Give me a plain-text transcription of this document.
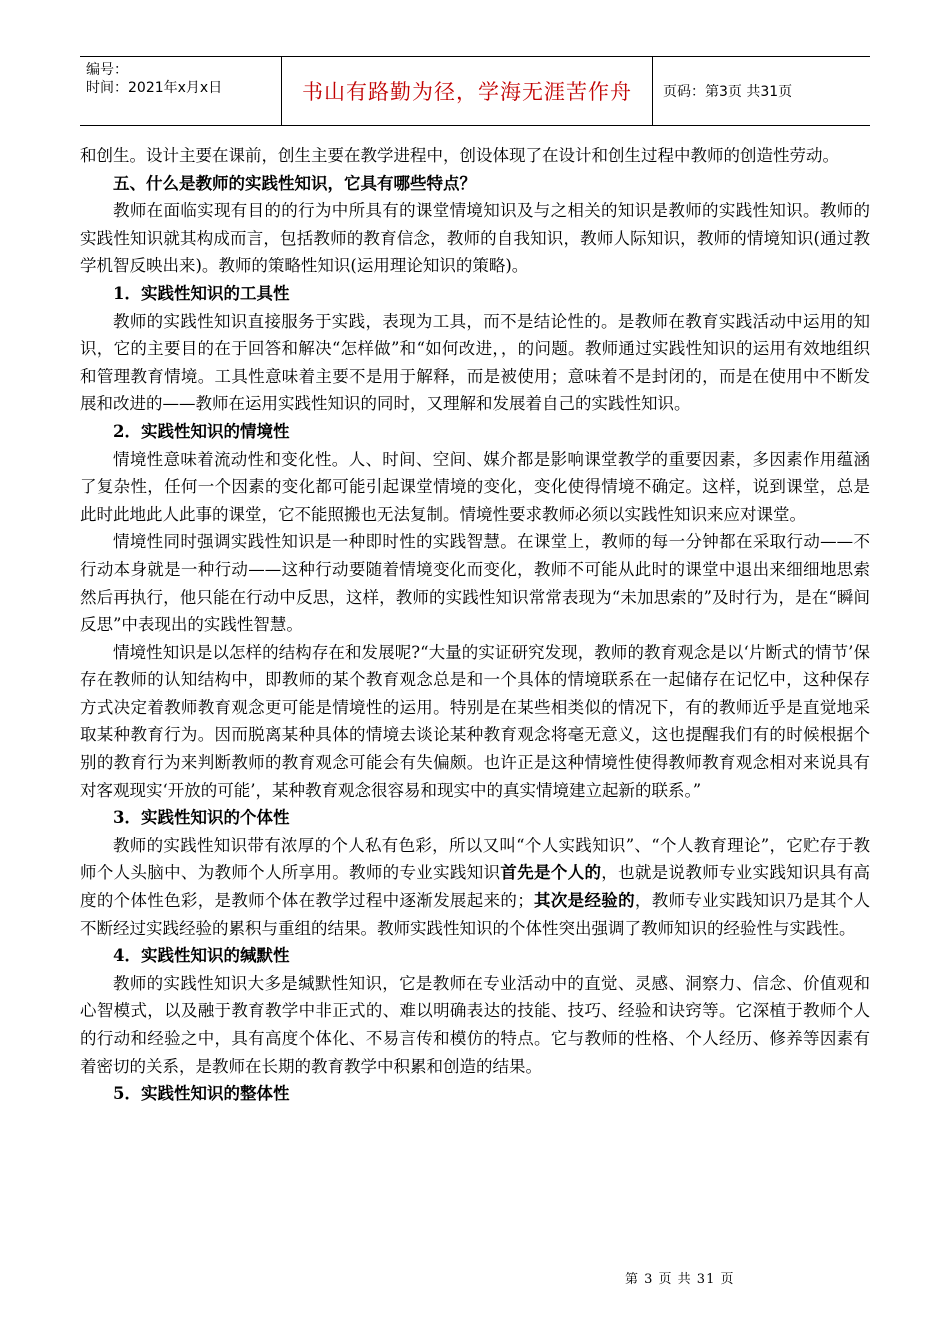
编号：
时间：2021年x月x日	书山有路勤为径，学海无涯苦作舟	页码：第3页 共31页

和创生。设计主要在课前，创生主要在教学进程中，创设体现了在设计和创生过程中教师的创造性劳动。

五、什么是教师的实践性知识，它具有哪些特点？

教师在面临实现有目的的行为中所具有的课堂情境知识及与之相关的知识是教师的实践性知识。教师的实践性知识就其构成而言，包括教师的教育信念，教师的自我知识，教师人际知识，教师的情境知识(通过教学机智反映出来)。教师的策略性知识(运用理论知识的策略)。

1．实践性知识的工具性

教师的实践性知识直接服务于实践，表现为工具，而不是结论性的。是教师在教育实践活动中运用的知识，它的主要目的在于回答和解决“怎样做”和“如何改进，，的问题。教师通过实践性知识的运用有效地组织和管理教育情境。工具性意味着主要不是用于解释，而是被使用；意味着不是封闭的，而是在使用中不断发展和改进的——教师在运用实践性知识的同时，又理解和发展着自己的实践性知识。

2．实践性知识的情境性

情境性意味着流动性和变化性。人、时间、空间、媒介都是影响课堂教学的重要因素，多因素作用蕴涵了复杂性，任何一个因素的变化都可能引起课堂情境的变化，变化使得情境不确定。这样，说到课堂，总是此时此地此人此事的课堂，它不能照搬也无法复制。情境性要求教师必须以实践性知识来应对课堂。

情境性同时强调实践性知识是一种即时性的实践智慧。在课堂上，教师的每一分钟都在采取行动——不行动本身就是一种行动——这种行动要随着情境变化而变化，教师不可能从此时的课堂中退出来细细地思索然后再执行，他只能在行动中反思，这样，教师的实践性知识常常表现为“未加思索的”及时行为，是在“瞬间反思”中表现出的实践性智慧。

情境性知识是以怎样的结构存在和发展呢?“大量的实证研究发现，教师的教育观念是以‘片断式的情节’保存在教师的认知结构中，即教师的某个教育观念总是和一个具体的情境联系在一起储存在记忆中，这种保存方式决定着教师教育观念更可能是情境性的运用。特别是在某些相类似的情况下，有的教师近乎是直觉地采取某种教育行为。因而脱离某种具体的情境去谈论某种教育观念将毫无意义，这也提醒我们有的时候根据个别的教育行为来判断教师的教育观念可能会有失偏颇。也许正是这种情境性使得教师教育观念相对来说具有对客观现实‘开放的可能’，某种教育观念很容易和现实中的真实情境建立起新的联系。”

3．实践性知识的个体性

教师的实践性知识带有浓厚的个人私有色彩，所以又叫“个人实践知识”、“个人教育理论”，它贮存于教师个人头脑中、为教师个人所享用。教师的专业实践知识首先是个人的，也就是说教师专业实践知识具有高度的个体性色彩，是教师个体在教学过程中逐渐发展起来的；其次是经验的，教师专业实践知识乃是其个人不断经过实践经验的累积与重组的结果。教师实践性知识的个体性突出强调了教师知识的经验性与实践性。

4．实践性知识的缄默性

教师的实践性知识大多是缄默性知识，它是教师在专业活动中的直觉、灵感、洞察力、信念、价值观和心智模式，以及融于教育教学中非正式的、难以明确表达的技能、技巧、经验和诀窍等。它深植于教师个人的行动和经验之中，具有高度个体化、不易言传和模仿的特点。它与教师的性格、个人经历、修养等因素有着密切的关系，是教师在长期的教育教学中积累和创造的结果。

5．实践性知识的整体性

第 3 页 共 31 页
